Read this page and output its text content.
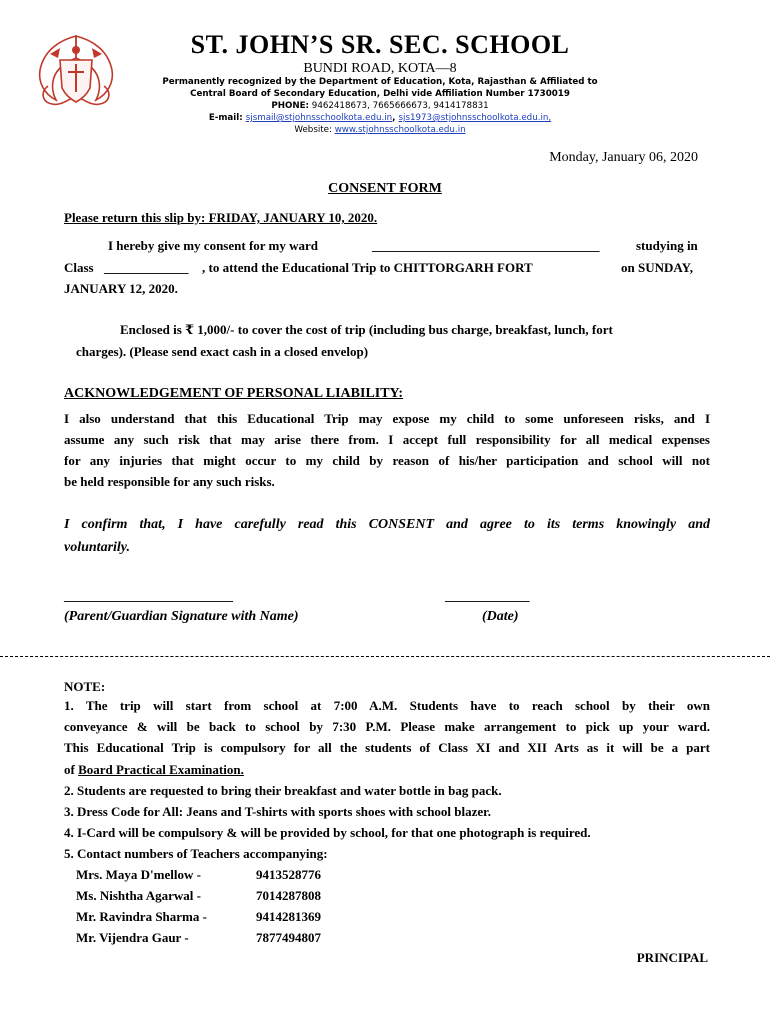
ST. JOHN’S SR. SEC. SCHOOL
BUNDI ROAD, KOTA—8
Permanently recognized by the Department of Education, Kota, Rajasthan & Affiliated to
Central Board of Secondary Education, Delhi vide Affiliation Number 1730019
PHONE: 9462418673, 7665666673, 9414178831
E-mail: sjsmail@stjohnsschoolkota.edu.in, sjs1973@stjohnsschoolkota.edu.in,
Website: www.stjohnsschoolkota.edu.in
Monday, January 06, 2020
CONSENT FORM
Please return this slip by: FRIDAY, JANUARY 10, 2020.
I hereby give my consent for my ward	___________________________________	studying in
Class _____________ , to attend the Educational Trip to CHITTORGARH FORT	on SUNDAY,
JANUARY 12, 2020.
Enclosed is ₹ 1,000/- to cover the cost of trip (including bus charge, breakfast, lunch, fort
charges). (Please send exact cash in a closed envelop)
ACKNOWLEDGEMENT OF PERSONAL LIABILITY:
I also understand that this Educational Trip may expose my child to some unforeseen risks, and I
assume any such risk that may arise there from. I accept full responsibility for all medical expenses
for any injuries that might occur to my child by reason of his/her participation and school will not
be held responsible for any such risks.
I confirm that, I have carefully read this CONSENT and agree to its terms knowingly and
voluntarily.
__________________________	_____________
(Parent/Guardian Signature with Name)	(Date)
NOTE:
1. The trip will start from school at 7:00 A.M. Students have to reach school by their own
conveyance & will be back to school by 7:30 P.M. Please make arrangement to pick up your ward.
This Educational Trip is compulsory for all the students of Class XI and XII Arts as it will be a part
of Board Practical Examination.
2. Students are requested to bring their breakfast and water bottle in bag pack.
3. Dress Code for All: Jeans and T-shirts with sports shoes with school blazer.
4. I-Card will be compulsory & will be provided by school, for that one photograph is required.
5. Contact numbers of Teachers accompanying:
Mrs. Maya D'mellow -	9413528776
Ms. Nishtha Agarwal -	7014287808
Mr. Ravindra Sharma -	9414281369
Mr. Vijendra Gaur -	7877494807
PRINCIPAL
